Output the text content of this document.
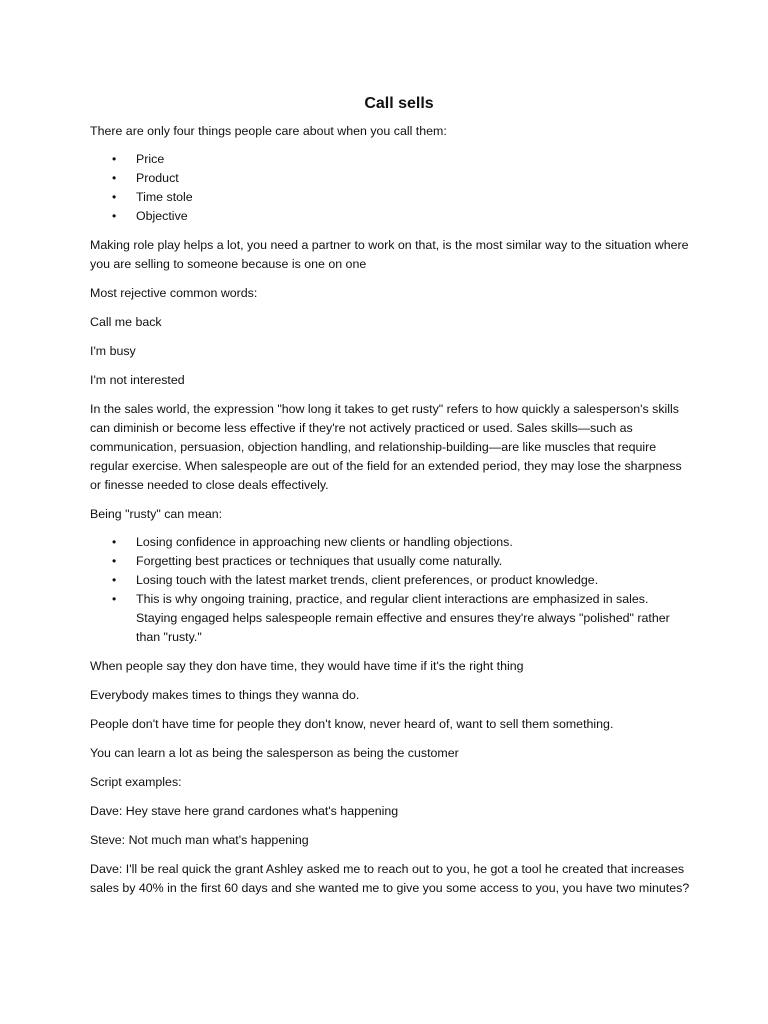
Call sells

There are only four things people care about when you call them:

• Price
• Product
• Time stole
• Objective

Making role play helps a lot, you need a partner to work on that, is the most similar way to the situation where you are selling to someone because is one on one

Most rejective common words:

Call me back

I'm busy

I'm not interested

In the sales world, the expression "how long it takes to get rusty" refers to how quickly a salesperson's skills can diminish or become less effective if they're not actively practiced or used. Sales skills—such as communication, persuasion, objection handling, and relationship-building—are like muscles that require regular exercise. When salespeople are out of the field for an extended period, they may lose the sharpness or finesse needed to close deals effectively.

Being "rusty" can mean:

• Losing confidence in approaching new clients or handling objections.
• Forgetting best practices or techniques that usually come naturally.
• Losing touch with the latest market trends, client preferences, or product knowledge.
• This is why ongoing training, practice, and regular client interactions are emphasized in sales. Staying engaged helps salespeople remain effective and ensures they're always "polished" rather than "rusty."

When people say they don have time, they would have time if it's the right thing

Everybody makes times to things they wanna do.

People don't have time for people they don't know, never heard of, want to sell them something.

You can learn a lot as being the salesperson as being the customer

Script examples:

Dave: Hey stave here grand cardones what's happening

Steve: Not much man what's happening

Dave: I'll be real quick the grant Ashley asked me to reach out to you, he got a tool he created that increases sales by 40% in the first 60 days and she wanted me to give you some access to you, you have two minutes?
